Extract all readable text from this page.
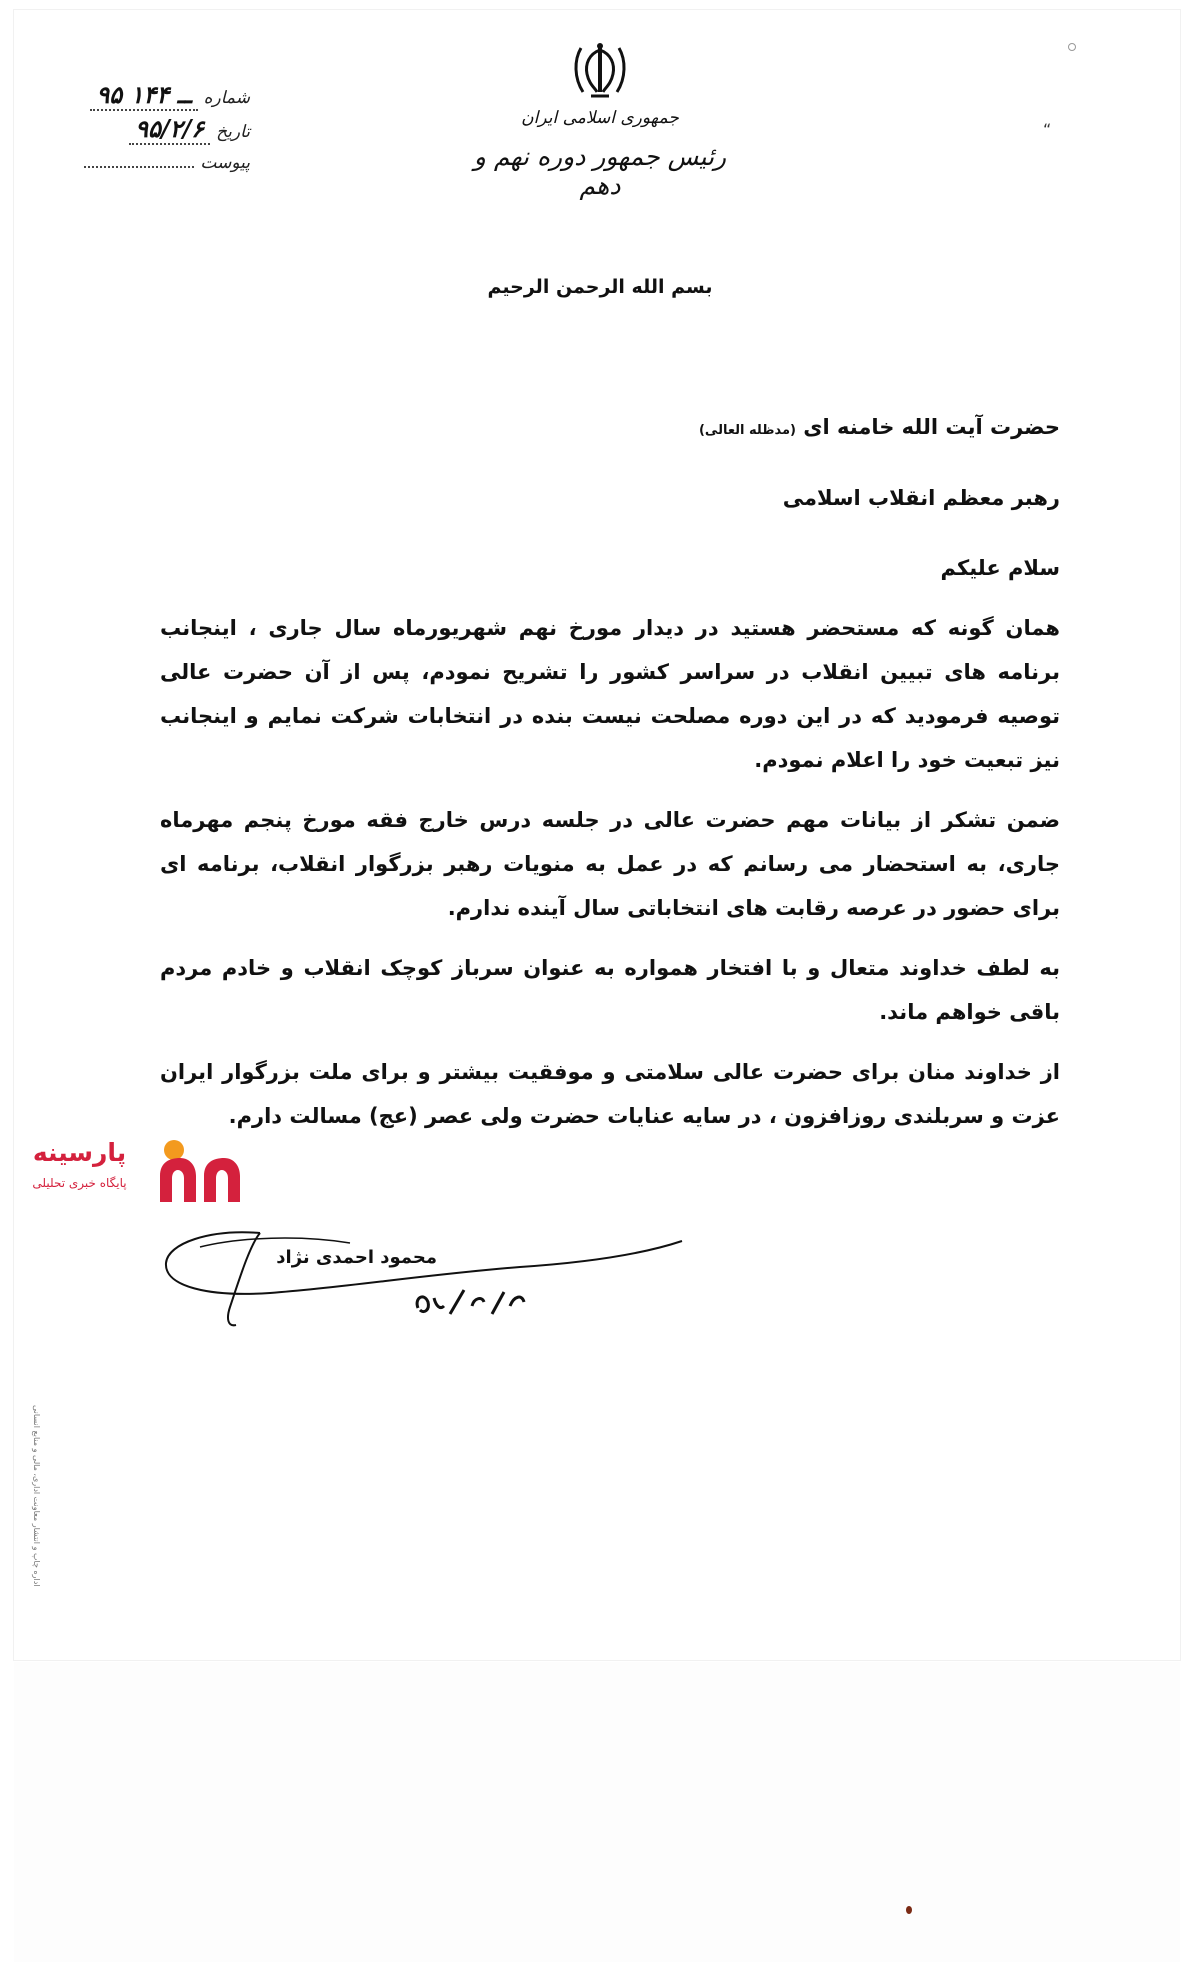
شماره
۹۵ ــ ۱۴۴
تاریخ
۹۵/۲/۶
پیوست
جمهوری اسلامی ایران
رئیس جمهور دوره نهم و دهم
“
بسم الله الرحمن الرحیم

حضرت آیت الله خامنه ای (مدظله العالی)

رهبر معظم انقلاب اسلامی

سلام علیکم

همان گونه که مستحضر هستید در دیدار مورخ نهم شهریورماه سال جاری ، اینجانب برنامه های تبیین انقلاب در سراسر کشور را تشریح نمودم، پس از آن حضرت عالی توصیه فرمودید که در این دوره مصلحت نیست بنده در انتخابات شرکت نمایم و اینجانب نیز تبعیت خود را اعلام نمودم.

ضمن تشکر از بیانات مهم حضرت عالی در جلسه درس خارج فقه مورخ پنجم مهرماه جاری، به استحضار می رسانم که در عمل به منویات رهبر بزرگوار انقلاب، برنامه ای برای حضور در عرصه رقابت های انتخاباتی سال آینده ندارم.

به لطف خداوند متعال و با افتخار همواره به عنوان سرباز کوچک انقلاب و خادم مردم باقی خواهم ماند.

از خداوند منان برای حضرت عالی سلامتی و موفقیت بیشتر و برای ملت بزرگوار ایران عزت و سربلندی روزافزون ، در سایه عنایات حضرت ولی عصر (عج) مسالت دارم.

پارسینه
پایگاه خبری تحلیلی
محمود احمدی نژاد
اداره چاپ و انتشار معاونت اداری، مالی و منابع انسانی
